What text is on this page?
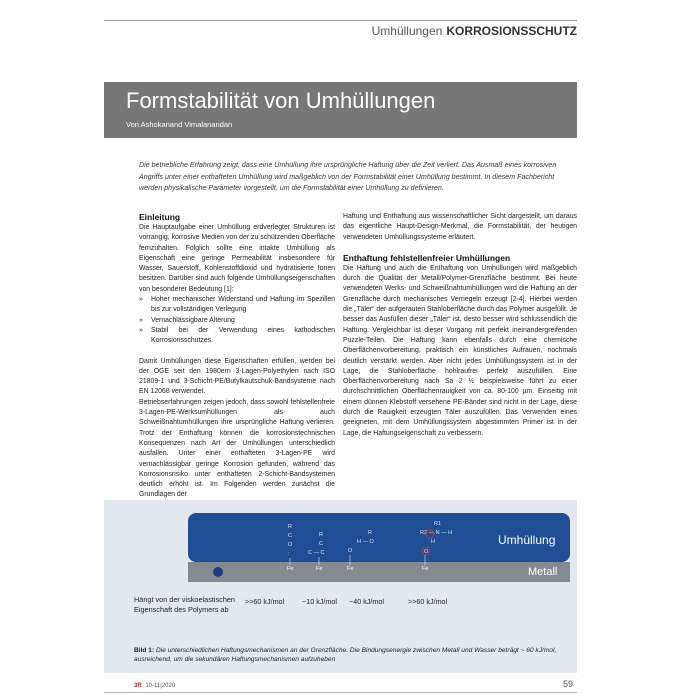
Umhüllungen KORROSIONSSCHUTZ
Formstabilität von Umhüllungen
Von Ashokanand Vimalanandan
Die betriebliche Erfahrung zeigt, dass eine Umhüllung ihre ursprüngliche Haftung über die Zeit verliert. Das Ausmaß eines korrosiven Angriffs unter einer enthafteten Umhüllung wird maßgeblich von der Formstabilität einer Umhüllung bestimmt. In diesem Fachbericht werden physikalische Parameter vorgestellt, um die Formstabilität einer Umhüllung zu definieren.
Einleitung

Die Hauptaufgabe einer Umhüllung erdverlegter Strukturen ist vorrangig, korrosive Medien von der zu schützenden Oberfläche fernzuhalten. Folglich sollte eine intakte Umhüllung als Eigenschaft eine geringe Permeabilität insbesondere für Wasser, Sauerstoff, Kohlenstoffdioxid und hydratisierte Ionen besitzen. Darüber sind auch folgende Umhüllungseigenschaften von besonderer Bedeutung [1]:

» Hoher mechanischer Widerstand und Haftung im Spezillen bis zur vollständigen Verlegung
» Vernachlässigbare Alterung
» Stabil bei der Verwendung eines kathodischen Korrosionsschutzes.

Damit Umhüllungen diese Eigenschaften erfüllen, werden bei der OGE seit den 1980ern 3-Lagen-Polyethylen nach ISO 21809-1 und 3-Schicht-PE/Butylkautschuk-Bandsysteme nach EN 12068 verwendet.

Betriebserfahrungen zeigen jedoch, dass sowohl fehlstellenfreie 3-Lagen-PE-Werksumhüllungen als auch Schweißnahtumhüllungen ihre ursprüngliche Haftung verlieren. Trotz der Enthaftung können die korrosionstechnischen Konsequenzen nach Art der Umhüllungen unterschiedlich ausfallen. Unter einer enthafteten 3-Lagen-PE wird vernachlässigbar geringe Korrosion gefunden, während das Korrosionsrisiko unter enthafteten 2-Schicht-Bandsystemen deutlich erhöht ist. Im Folgenden werden zunächst die Grundlagen der

Haftung und Enthaftung aus wissenschaftlicher Sicht dargestellt, um daraus das eigentliche Haupt-Design-Merkmal, die Formstabilität, der heutigen verwendeten Umhüllungssysteme erläutert.

Enthaftung fehlstellenfreier Umhüllungen

Die Haftung und auch die Enthaftung von Umhüllungen wird maßgeblich durch die Qualität der Metall/Polymer-Grenzfläche bestimmt. Bei heute verwendeten Werks- und Schweißnahtumhüllungen wird die Haftung an der Grenzfläche durch mechanisches Verriegeln erzeugt [2-4]. Hierbei werden die „Täler“ der aufgerauten Stahloberfläche durch das Polymer ausgefüllt. Je besser das Ausfüllen dieser „Täler“ ist, desto besser wird schlussendlich die Haftung. Vergleichbar ist dieser Vorgang mit perfekt ineinandergreifenden Puzzle-Teilen. Die Haftung kann ebenfalls durch eine chemische Oberflächenvorbereitung, praktisch ein künstliches Aufrauen, nochmals deutlich verstärkt werden. Aber nicht jedes Umhüllungssystem ist in der Lage, die Stahloberfläche hohlraufrei perfekt auszufüllen. Eine Oberflächenvorbereitung nach Sa 2 ½ beispielsweise führt zu einer durchschnittlichen Oberflächenrauigkeit von ca. 80-100 µm. Einseitig mit einem dünnen Klebstoff versehene PE-Bänder sind nicht in der Lage, diese durch die Rauigkeit erzeugten Täler auszufüllen. Das Verwenden eines geeigneten, mit dem Umhüllungssystem abgestimmten Primer ist in der Lage, die Haftungseigenschaft zu verbessern.

R
C
O
:
R
C
C — C
R
H — O
O
R1
R2 — N — H
H
O
Fe	Fe	Fe	Fe
Umhüllung
Metall
>>60 kJ/mol ~10 kJ/mol ~40 kJ/mol	>>60 kJ/mol
Hängt von der viskoelastischen Eigenschaft des Polymers ab
Bild 1: Die unterschiedlichen Haftungsmechanismen an der Grenzfläche. Die Bindungsenergie zwischen Metall und Wasser beträgt ~ 60 kJ/mol, ausreichend, um die sekundären Haftungsmechanismen aufzuheben
3R 10-11|2020	59
